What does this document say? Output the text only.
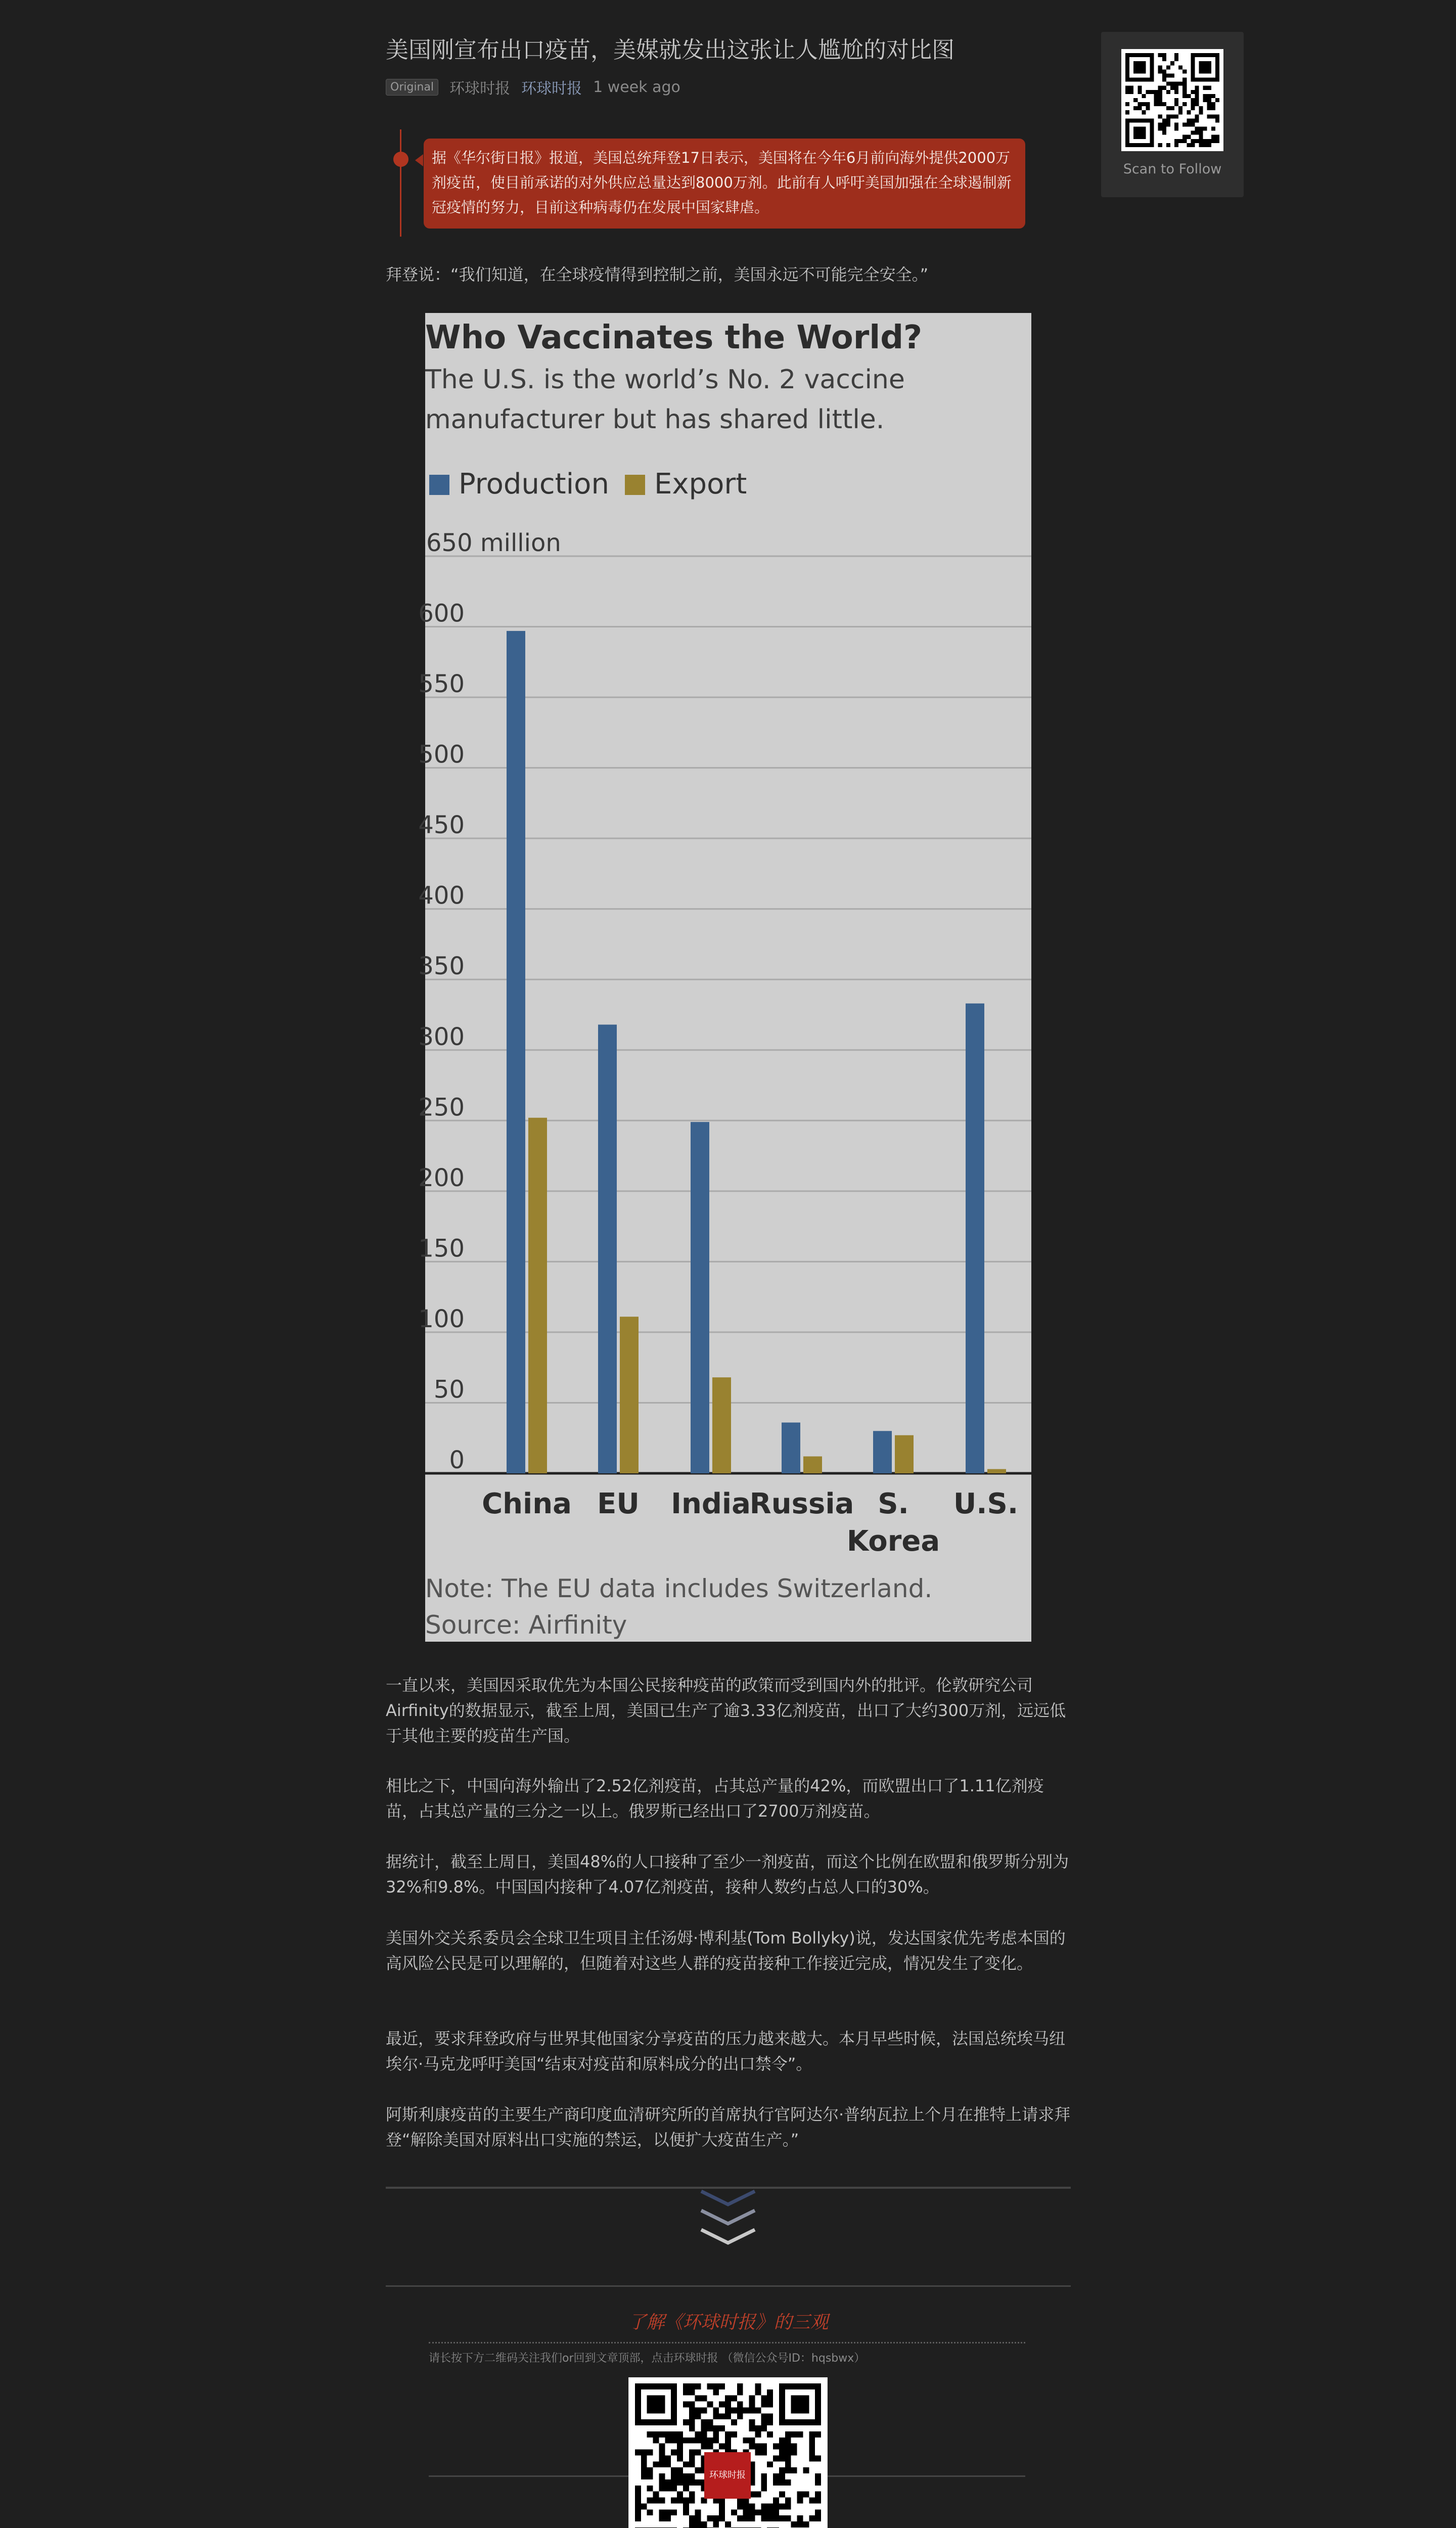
美国刚宣布出口疫苗，美媒就发出这张让人尴尬的对比图
Original	环球时报 环球时报 1 week ago
Scan to Follow
据《华尔街日报》报道，美国总统拜登17日表示，美国将在今年6月前向海外提供2000万剂疫苗，使目前承诺的对外供应总量达到8000万剂。此前有人呼吁美国加强在全球遏制新冠疫情的努力，目前这种病毒仍在发展中国家肆虐。
拜登说：“我们知道，在全球疫情得到控制之前，美国永远不可能完全安全。”
Who Vaccinates the World?
The U.S. is the world’s No. 2 vaccine
manufacturer but has shared little.
Production Export
0
50
100
150
200
250
300
350
400
450
500
550
600
650 million
China EU India
Russia S.
Korea
U.S.
Note: The EU data includes Switzerland.
Source: Airfinity
一直以来，美国因采取优先为本国公民接种疫苗的政策而受到国内外的批评。伦敦研究公司Airfinity的数据显示，截至上周，美国已生产了逾3.33亿剂疫苗，出口了大约300万剂，远远低于其他主要的疫苗生产国。
相比之下，中国向海外输出了2.52亿剂疫苗，占其总产量的42%，而欧盟出口了1.11亿剂疫苗，占其总产量的三分之一以上。俄罗斯已经出口了2700万剂疫苗。
据统计，截至上周日，美国48%的人口接种了至少一剂疫苗，而这个比例在欧盟和俄罗斯分别为32%和9.8%。中国国内接种了4.07亿剂疫苗，接种人数约占总人口的30%。
美国外交关系委员会全球卫生项目主任汤姆·博利基(Tom Bollyky)说，发达国家优先考虑本国的高风险公民是可以理解的，但随着对这些人群的疫苗接种工作接近完成，情况发生了变化。
最近，要求拜登政府与世界其他国家分享疫苗的压力越来越大。本月早些时候，法国总统埃马纽埃尔·马克龙呼吁美国“结束对疫苗和原料成分的出口禁令”。
阿斯利康疫苗的主要生产商印度血清研究所的首席执行官阿达尔·普纳瓦拉上个月在推特上请求拜登“解除美国对原料出口实施的禁运，以便扩大疫苗生产。”
了解《环球时报》的三观
请长按下方二维码关注我们or回到文章顶部，点击环球时报 （微信公众号ID：hqsbwx）
环球时报
